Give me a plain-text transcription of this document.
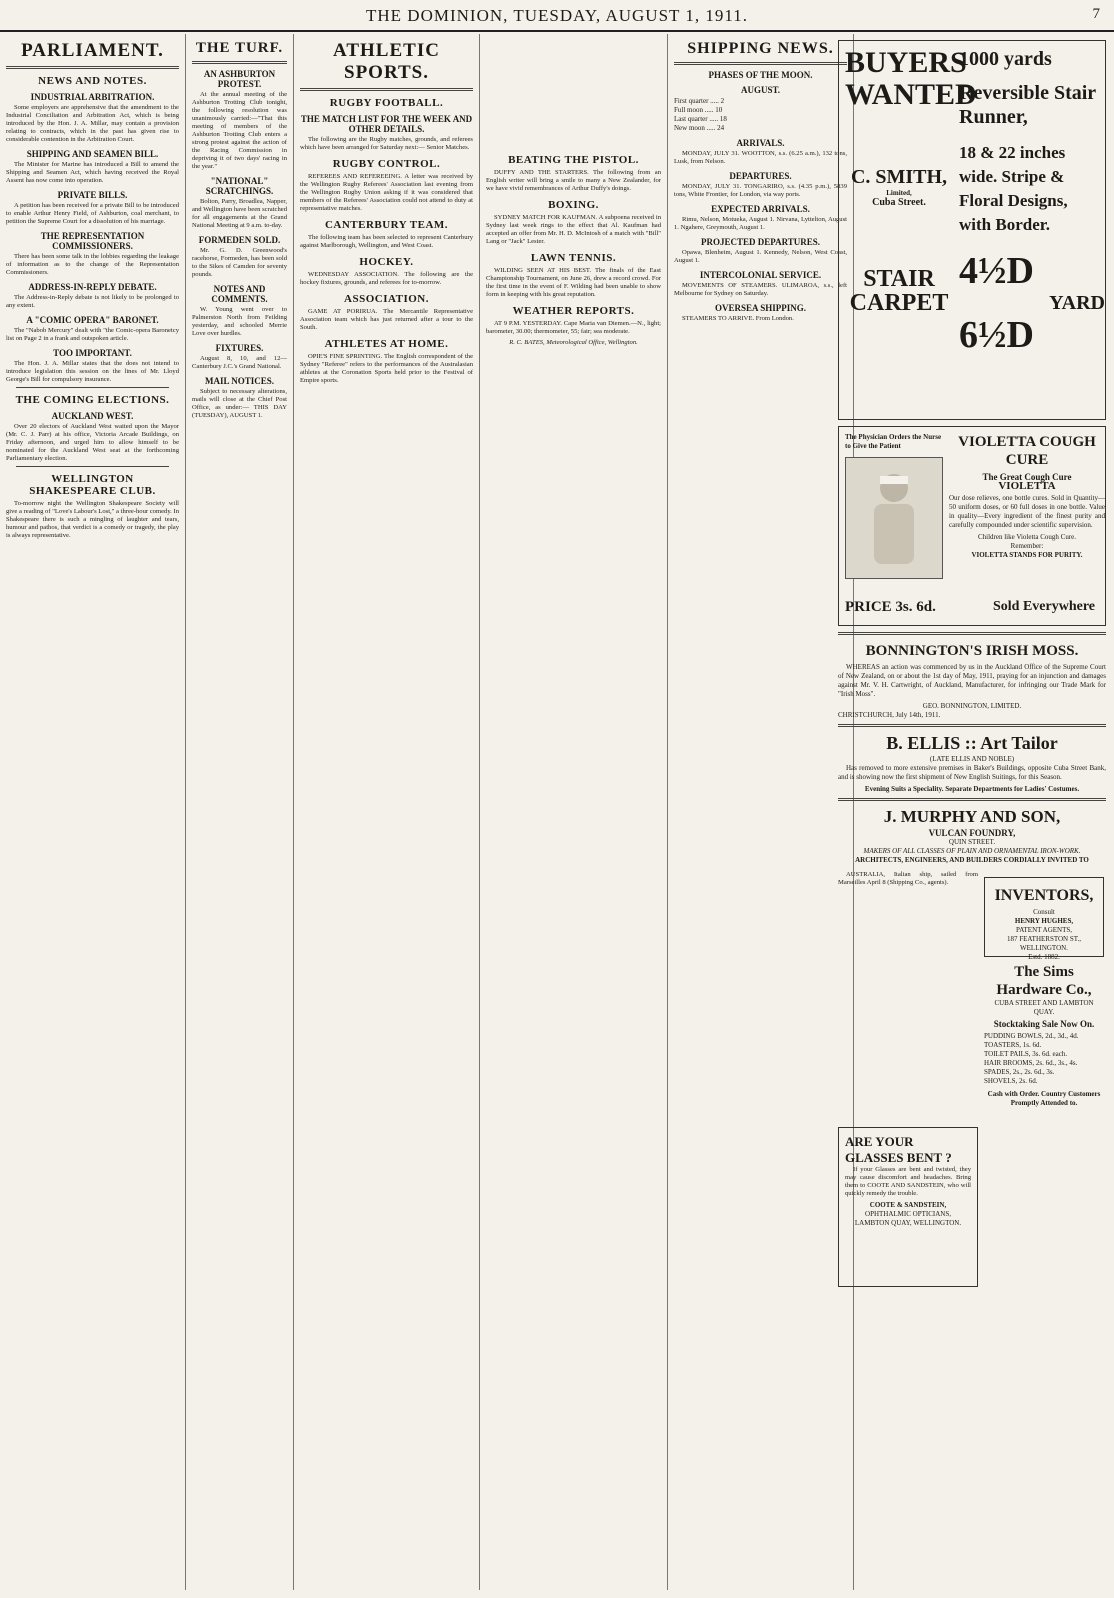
THE DOMINION, TUESDAY, AUGUST 1, 1911.	7
PARLIAMENT.
NEWS AND NOTES.
INDUSTRIAL ARBITRATION.

Some employers are apprehensive that the amendment to the Industrial Conciliation and Arbitration Act, which is being introduced by the Hon. J. A. Millar, may contain a provision relating to contracts, which in the past has given rise to considerable contention in the Arbitration Court.

SHIPPING AND SEAMEN BILL.

The Minister for Marine has introduced a Bill to amend the Shipping and Seamen Act, which having received the Royal Assent has now come into operation.

PRIVATE BILLS.

A petition has been received for a private Bill to be introduced to enable Arthur Henry Field, of Ashburton, coal merchant, to petition the Supreme Court for a dissolution of his marriage.

THE REPRESENTATION COMMISSIONERS.

There has been some talk in the lobbies regarding the leakage of information as to the change of the Representation Commissioners.

ADDRESS-IN-REPLY DEBATE.

The Address-in-Reply debate is not likely to be prolonged to any extent.

A "COMIC OPERA" BARONET.

The "Nabob Mercury" dealt with "the Comic-opera Baronetcy list on Page 2 in a frank and outspoken article.

TOO IMPORTANT.

The Hon. J. A. Millar states that the does not intend to introduce legislation this session on the lines of Mr. Lloyd George's Bill for compulsory insurance.

THE COMING ELECTIONS.
AUCKLAND WEST.

Over 20 electors of Auckland West waited upon the Mayor (Mr. C. J. Parr) at his office, Victoria Arcade Buildings, on Friday afternoon, and urged him to allow himself to be nominated for the Auckland West seat at the forthcoming Parliamentary election.

WELLINGTON SHAKESPEARE CLUB.

To-morrow night the Wellington Shakespeare Society will give a reading of "Love's Labour's Lost," a three-hour comedy. In Shakespeare there is such a mingling of laughter and tears, humour and pathos, that verdict is a comedy or tragedy, the play is always representative.

THE TURF.
AN ASHBURTON PROTEST.

At the annual meeting of the Ashburton Trotting Club tonight, the following resolution was unanimously carried:—"That this meeting of members of the Ashburton Trotting Club enters a strong protest against the action of the Racing Commission in depriving it of two days' racing in the year."

"NATIONAL" SCRATCHINGS.

Bolton, Parry, Broadlea, Napper, and Wellington have been scratched for all engagements at the Grand National Meeting at 9 a.m. to-day.

FORMEDEN SOLD.

Mr. G. D. Greenwood's racehorse, Formeden, has been sold to the Sikes of Camden for seventy pounds.

NOTES AND COMMENTS.

W. Young went over to Palmerston North from Feilding yesterday, and schooled Merrie Love over hurdles.

FIXTURES.

August 8, 10, and 12—Canterbury J.C.'s Grand National.

MAIL NOTICES.

Subject to necessary alterations, mails will close at the Chief Post Office, as under:— THIS DAY (TUESDAY), AUGUST 1.

ATHLETIC SPORTS.
RUGBY FOOTBALL.
THE MATCH LIST FOR THE WEEK AND OTHER DETAILS.

The following are the Rugby matches, grounds, and referees which have been arranged for Saturday next:— Senior Matches.

RUGBY CONTROL.

REFEREES AND REFEREEING. A letter was received by the Wellington Rugby Referees' Association last evening from the Wellington Rugby Union asking if it was considered that members of the Referees' Association could not attend to duty at representative matches.

CANTERBURY TEAM.

The following team has been selected to represent Canterbury against Marlborough, Wellington, and West Coast.

HOCKEY.

WEDNESDAY ASSOCIATION. The following are the hockey fixtures, grounds, and referees for to-morrow.

ASSOCIATION.

GAME AT PORIRUA. The Mercantile Representative Association team which has just returned after a tour to the South.

ATHLETES AT HOME.

OPIE'S FINE SPRINTING. The English correspondent of the Sydney "Referee" refers to the performances of the Australasian athletes at the Coronation Sports held prior to the Festival of Empire sports.

BEATING THE PISTOL.

DUFFY AND THE STARTERS. The following from an English writer will bring a smile to many a New Zealander, for we have vivid remembrances of Arthur Duffy's doings.

BOXING.

SYDNEY MATCH FOR KAUFMAN. A subpoena received in Sydney last week rings to the effect that Al. Kaufman had accepted an offer from Mr. H. D. McIntosh of a match with "Bill" Lang or "Jack" Lester.

LAWN TENNIS.

WILDING SEEN AT HIS BEST. The finals of the East Championship Tournament, on June 26, drew a record crowd. For the first time in the event of F. Wilding had been unable to show form in keeping with his great reputation.

WEATHER REPORTS.

AT 9 P.M. YESTERDAY. Cape Maria van Diemen.—N., light; barometer, 30.00; thermometer, 55; fair; sea moderate.

R. C. BATES, Meteorological Office, Wellington.

SHIPPING NEWS.
PHASES OF THE MOON.
AUGUST.
First quarter ..... 2
Full moon ..... 10
Last quarter ..... 18
New moon ..... 24
ARRIVALS.

MONDAY, JULY 31. WOOTTON, s.s. (6.25 a.m.), 132 tons, Lusk, from Nelson.

DEPARTURES.

MONDAY, JULY 31. TONGARIRO, s.s. (4.35 p.m.), 5839 tons, White Frontier, for London, via way ports.

EXPECTED ARRIVALS.

Rimu, Nelson, Motueka, August 1. Nirvana, Lyttelton, August 1. Ngahere, Greymouth, August 1.

PROJECTED DEPARTURES.

Opawa, Blenheim, August 1. Kennedy, Nelson, West Coast, August 1.

INTERCOLONIAL SERVICE.

MOVEMENTS OF STEAMERS. ULIMAROA, s.s., left Melbourne for Sydney on Saturday.

OVERSEA SHIPPING.

STEAMERS TO ARRIVE. From London.

BUYERS
WANTED
C. SMITH,
Limited,
Cuba Street.
STAIR
CARPET
1000 yards
Reversible Stair
Runner,
18 & 22 inches
wide. Stripe &
Floral Designs,
with Border.
4½D
YARD
6½D
The Physician Orders the Nurse to Give the Patient	VIOLETTA COUGH CURE
The Great Cough Cure
VIOLETTA
Our dose relieves, one bottle cures. Sold in Quantity—50 uniform doses, or 60 full doses in one bottle. Value in quality—Every ingredient of the finest purity and carefully compounded under scientific supervision.
Children like Violetta Cough Cure.
Remember:
VIOLETTA STANDS FOR PURITY.
PRICE 3s. 6d.	Sold Everywhere
BONNINGTON'S IRISH MOSS.

WHEREAS an action was commenced by us in the Auckland Office of the Supreme Court of New Zealand, on or about the 1st day of May, 1911, praying for an injunction and damages against Mr. V. H. Cartwright, of Auckland, Manufacturer, for infringing our Trade Mark for "Irish Moss".

GEO. BONNINGTON, LIMITED.
CHRISTCHURCH, July 14th, 1911.
B. ELLIS :: Art Tailor
(LATE ELLIS AND NOBLE)

Has removed to more extensive premises in Baker's Buildings, opposite Cuba Street Bank, and is showing now the first shipment of New English Suitings, for this Season.

Evening Suits a Speciality. Separate Departments for Ladies' Costumes.
J. MURPHY AND SON,
VULCAN FOUNDRY,
QUIN STREET.
MAKERS OF ALL CLASSES OF PLAIN AND ORNAMENTAL IRON-WORK.
ARCHITECTS, ENGINEERS, AND BUILDERS CORDIALLY INVITED TO

AUSTRALIA, Italian ship, sailed from Marseilles April 8 (Shipping Co., agents).

ARE YOUR GLASSES BENT ?

If your Glasses are bent and twisted, they may cause discomfort and headaches. Bring them to COOTE AND SANDSTEIN, who will quickly remedy the trouble.

COOTE & SANDSTEIN,
OPHTHALMIC OPTICIANS,
LAMBTON QUAY, WELLINGTON.
INVENTORS,
Consult
HENRY HUGHES,
PATENT AGENTS,
187 FEATHERSTON ST., WELLINGTON.
Estd. 1882.
The Sims Hardware Co.,
CUBA STREET AND LAMBTON QUAY.
Stocktaking Sale Now On.
PUDDING BOWLS, 2d., 3d., 4d.
TOASTERS, 1s. 6d.
TOILET PAILS, 3s. 6d. each.
HAIR BROOMS, 2s. 6d., 3s., 4s.
SPADES, 2s., 2s. 6d., 3s.
SHOVELS, 2s. 6d.
Cash with Order. Country Customers Promptly Attended to.
